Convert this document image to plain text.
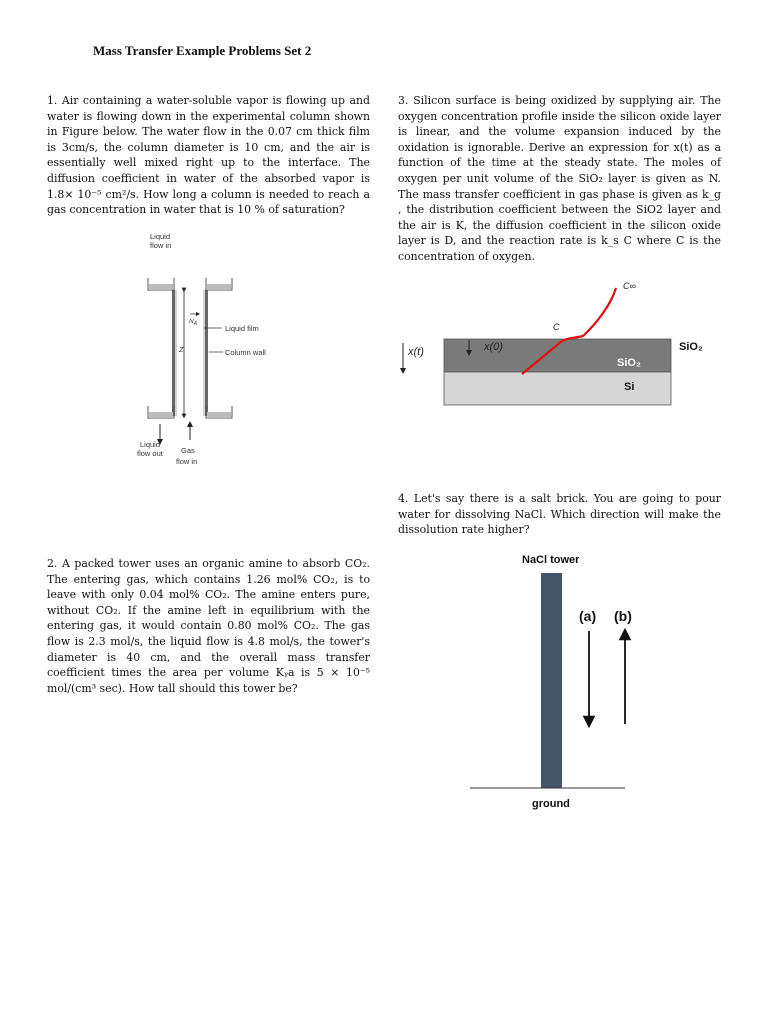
Mass Transfer Example Problems Set 2

1. Air containing a water-soluble vapor is flowing up and water is flowing down in the experimental column shown in Figure below. The water flow in the 0.07 cm thick film is 3cm/s, the column diameter is 10 cm, and the air is essentially well mixed right up to the interface. The diffusion coefficient in water of the absorbed vapor is 1.8× 10⁻⁵ cm²/s. How long a column is needed to reach a gas concentration in water that is 10 % of saturation?

2. A packed tower uses an organic amine to absorb CO₂. The entering gas, which contains 1.26 mol% CO₂, is to leave with only 0.04 mol% CO₂. The amine enters pure, without CO₂. If the amine left in equilibrium with the entering gas, it would contain 0.80 mol% CO₂. The gas flow is 2.3 mol/s, the liquid flow is 4.8 mol/s, the tower's diameter is 40 cm, and the overall mass transfer coefficient times the area per volume Kᵧa is 5 × 10⁻⁵ mol/(cm³ sec). How tall should this tower be?

3. Silicon surface is being oxidized by supplying air. The oxygen concentration profile inside the silicon oxide layer is linear, and the volume expansion induced by the oxidation is ignorable. Derive an expression for x(t) as a function of the time at the steady state. The moles of oxygen per unit volume of the SiO₂ layer is given as N. The mass transfer coefficient in gas phase is given as k_g , the distribution coefficient between the SiO2 layer and the air is K, the diffusion coefficient in the silicon oxide layer is D, and the reaction rate is k_s C where C is the concentration of oxygen.

4. Let's say there is a salt brick. You are going to pour water for dissolving NaCl. Which direction will make the dissolution rate higher?

Liquid
flow in
Z
$N_A$	Liquid film
Column wall
Liquid
flow out Gas
flow in
C∞
C
x(0)
x(t)	SiO₂
SiO₂
Si
NaCl tower
ground
(a) (b)
